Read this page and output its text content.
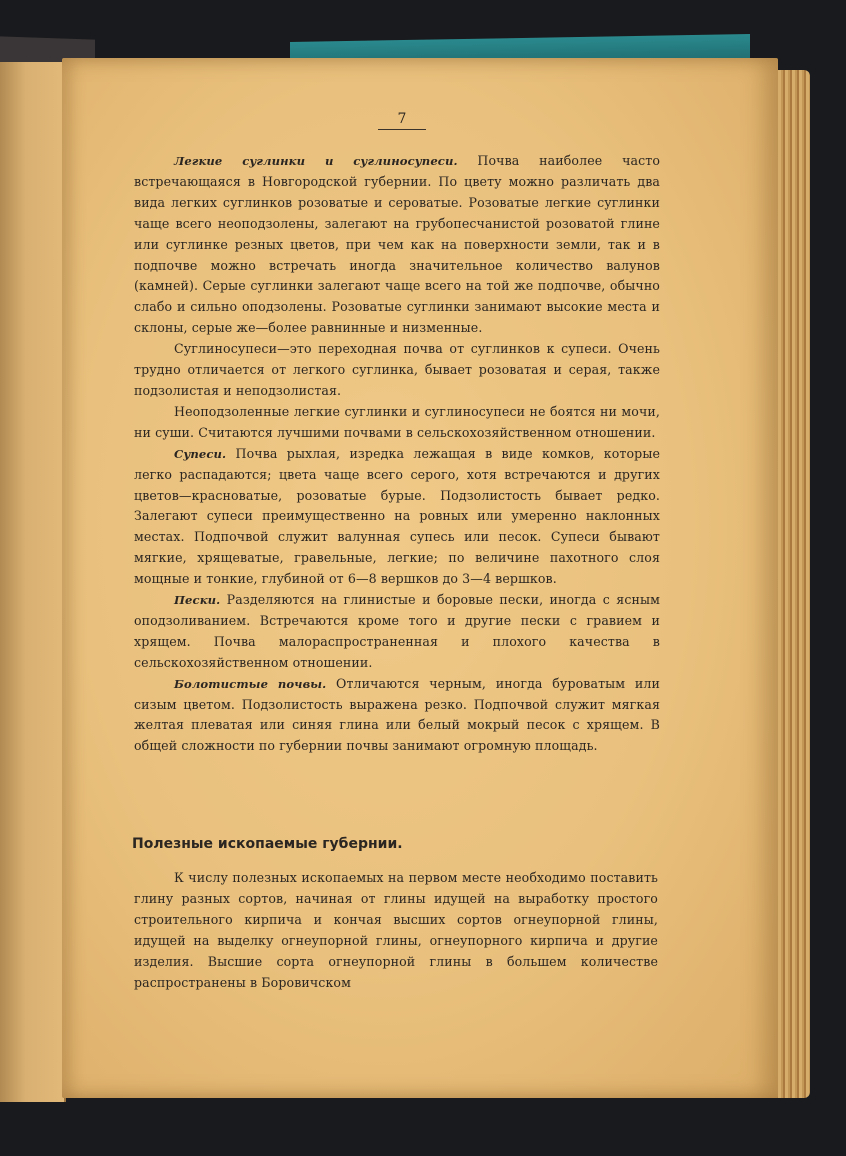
7

Легкие суглинки и суглиносупеси. Почва наиболее часто встречающаяся в Новгородской губернии. По цвету можно различать два вида легких суглинков розоватые и сероватые. Розоватые легкие суглинки чаще всего неоподзолены, залегают на грубопесчанистой розоватой глине или суглинке резных цветов, при чем как на поверхности земли, так и в подпочве можно встречать иногда значительное количество валунов (камней). Серые суглинки залегают чаще всего на той же подпочве, обычно слабо и сильно оподзолены. Розоватые суглинки занимают высокие места и склоны, серые же—более равнинные и низменные.

Суглиносупеси—это переходная почва от суглинков к супеси. Очень трудно отличается от легкого суглинка, бывает розоватая и серая, также подзолистая и неподзолистая.

Неоподзоленные легкие суглинки и суглиносупеси не боятся ни мочи, ни суши. Считаются лучшими почвами в сельскохозяйственном отношении.

Супеси. Почва рыхлая, изредка лежащая в виде комков, которые легко распадаются; цвета чаще всего серого, хотя встречаются и других цветов—красноватые, розоватые бурые. Подзолистость бывает редко. Залегают супеси преимущественно на ровных или умеренно наклонных местах. Подпочвой служит валунная супесь или песок. Супеси бывают мягкие, хрящеватые, гравельные, легкие; по величине пахотного слоя мощные и тонкие, глубиной от 6—8 вершков до 3—4 вершков.

Пески. Разделяются на глинистые и боровые пески, иногда с ясным оподзоливанием. Встречаются кроме того и другие пески с гравием и хрящем. Почва малораспространенная и плохого качества в сельскохозяйственном отношении.

Болотистые почвы. Отличаются черным, иногда буроватым или сизым цветом. Подзолистость выражена резко. Подпочвой служит мягкая желтая плеватая или синяя глина или белый мокрый песок с хрящем. В общей сложности по губернии почвы занимают огромную площадь.

Полезные ископаемые губернии.

К числу полезных ископаемых на первом месте необходимо поставить глину разных сортов, начиная от глины идущей на выработку простого строительного кирпича и кончая высших сортов огнеупорной глины, идущей на выделку огнеупорной глины, огнеупорного кирпича и другие изделия. Высшие сорта огнеупорной глины в большем количестве распространены в Боровичском
